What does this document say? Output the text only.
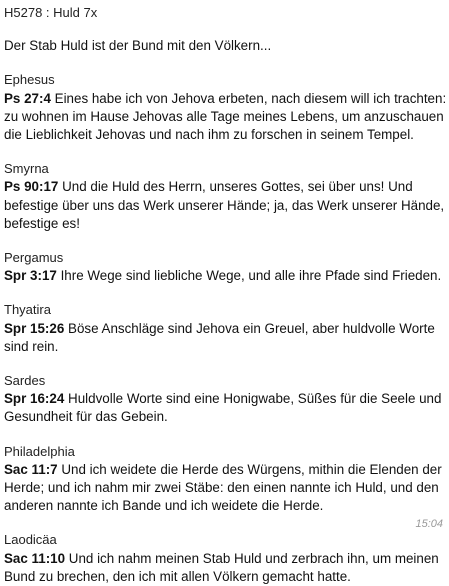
H5278 : Huld 7x
Der Stab Huld ist der Bund mit den Völkern...
Ephesus
Ps 27:4 Eines habe ich von Jehova erbeten, nach diesem will ich trachten:
zu wohnen im Hause Jehovas alle Tage meines Lebens, um anzuschauen
die Lieblichkeit Jehovas und nach ihm zu forschen in seinem Tempel.
Smyrna
Ps 90:17 Und die Huld des Herrn, unseres Gottes, sei über uns! Und
befestige über uns das Werk unserer Hände; ja, das Werk unserer Hände,
befestige es!
Pergamus
Spr 3:17 Ihre Wege sind liebliche Wege, und alle ihre Pfade sind Frieden.
Thyatira
Spr 15:26 Böse Anschläge sind Jehova ein Greuel, aber huldvolle Worte
sind rein.
Sardes
Spr 16:24 Huldvolle Worte sind eine Honigwabe, Süßes für die Seele und
Gesundheit für das Gebein.
Philadelphia
Sac 11:7 Und ich weidete die Herde des Würgens, mithin die Elenden der
Herde; und ich nahm mir zwei Stäbe: den einen nannte ich Huld, und den
anderen nannte ich Bande und ich weidete die Herde.
Laodicäa
Sac 11:10 Und ich nahm meinen Stab Huld und zerbrach ihn, um meinen
Bund zu brechen, den ich mit allen Völkern gemacht hatte.
15:04
